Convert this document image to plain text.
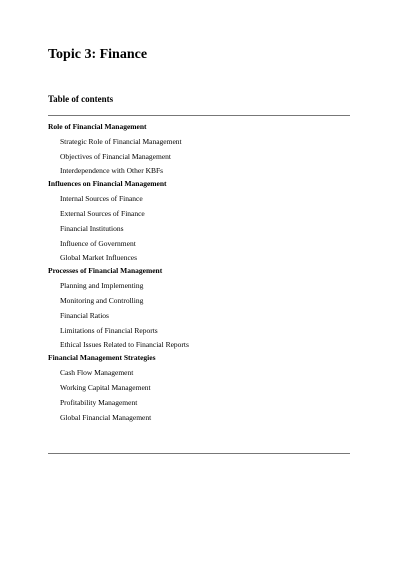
Topic 3: Finance
Table of contents
Role of Financial Management
Strategic Role of Financial Management
Objectives of Financial Management
Interdependence with Other KBFs
Influences on Financial Management
Internal Sources of Finance
External Sources of Finance
Financial Institutions
Influence of Government
Global Market Influences
Processes of Financial Management
Planning and Implementing
Monitoring and Controlling
Financial Ratios
Limitations of Financial Reports
Ethical Issues Related to Financial Reports
Financial Management Strategies
Cash Flow Management
Working Capital Management
Profitability Management
Global Financial Management
